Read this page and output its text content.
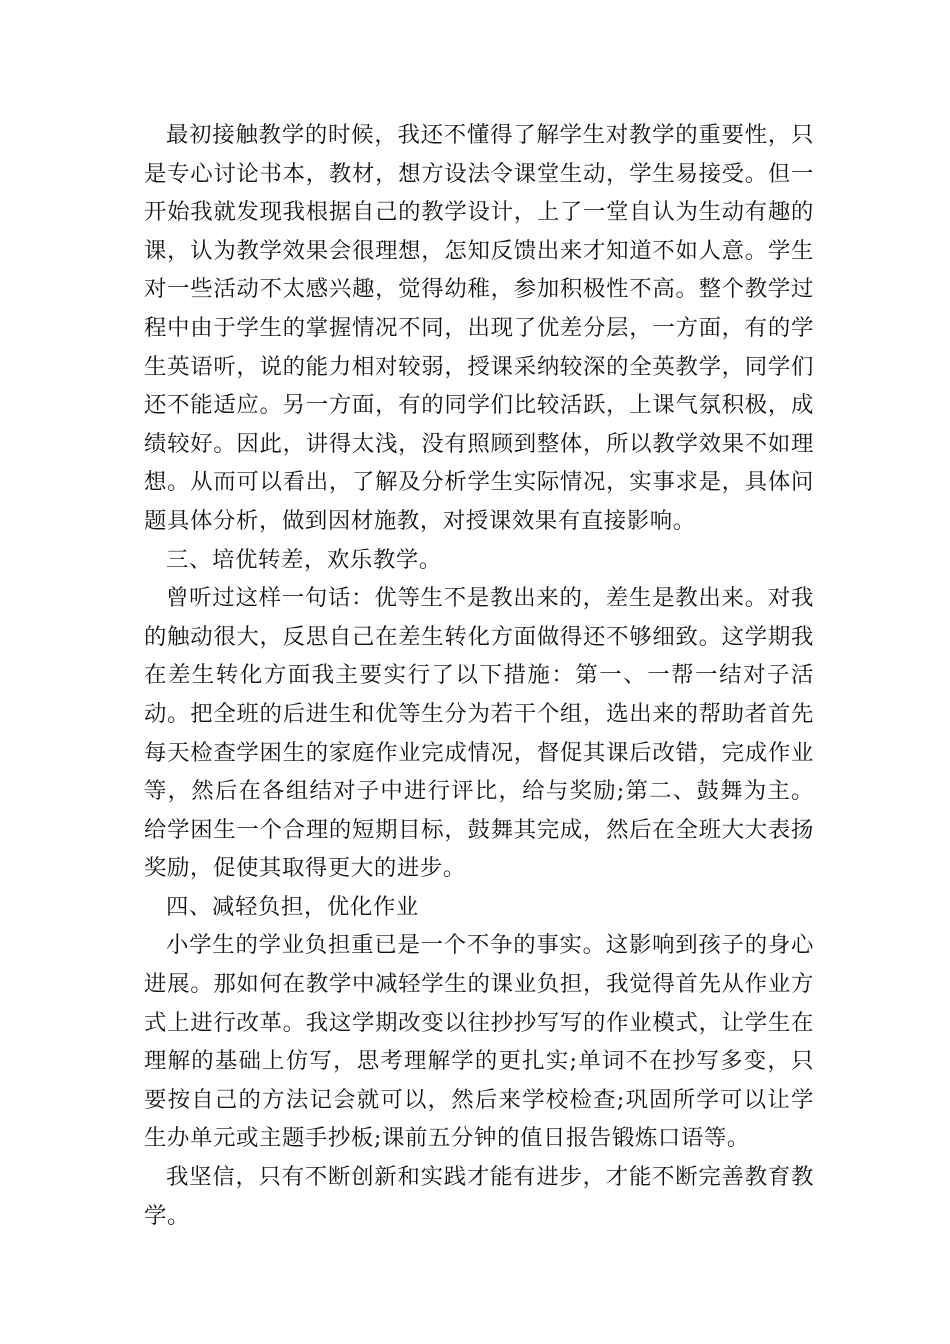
最初接触教学的时候，我还不懂得了解学生对教学的重要性，只是专心讨论书本，教材，想方设法令课堂生动，学生易接受。但一开始我就发现我根据自己的教学设计，上了一堂自认为生动有趣的课，认为教学效果会很理想，怎知反馈出来才知道不如人意。学生对一些活动不太感兴趣，觉得幼稚，参加积极性不高。整个教学过程中由于学生的掌握情况不同，出现了优差分层，一方面，有的学生英语听，说的能力相对较弱，授课采纳较深的全英教学，同学们还不能适应。另一方面，有的同学们比较活跃，上课气氛积极，成绩较好。因此，讲得太浅，没有照顾到整体，所以教学效果不如理想。从而可以看出，了解及分析学生实际情况，实事求是，具体问题具体分析，做到因材施教，对授课效果有直接影响。

三、培优转差，欢乐教学。

曾听过这样一句话：优等生不是教出来的，差生是教出来。对我的触动很大，反思自己在差生转化方面做得还不够细致。这学期我在差生转化方面我主要实行了以下措施：第一、一帮一结对子活动。把全班的后进生和优等生分为若干个组，选出来的帮助者首先每天检查学困生的家庭作业完成情况，督促其课后改错，完成作业等，然后在各组结对子中进行评比，给与奖励;第二、鼓舞为主。给学困生一个合理的短期目标，鼓舞其完成，然后在全班大大表扬奖励，促使其取得更大的进步。

四、减轻负担，优化作业

小学生的学业负担重已是一个不争的事实。这影响到孩子的身心进展。那如何在教学中减轻学生的课业负担，我觉得首先从作业方式上进行改革。我这学期改变以往抄抄写写的作业模式，让学生在理解的基础上仿写，思考理解学的更扎实;单词不在抄写多变，只要按自己的方法记会就可以，然后来学校检查;巩固所学可以让学生办单元或主题手抄板;课前五分钟的值日报告锻炼口语等。

我坚信，只有不断创新和实践才能有进步，才能不断完善教育教学。
